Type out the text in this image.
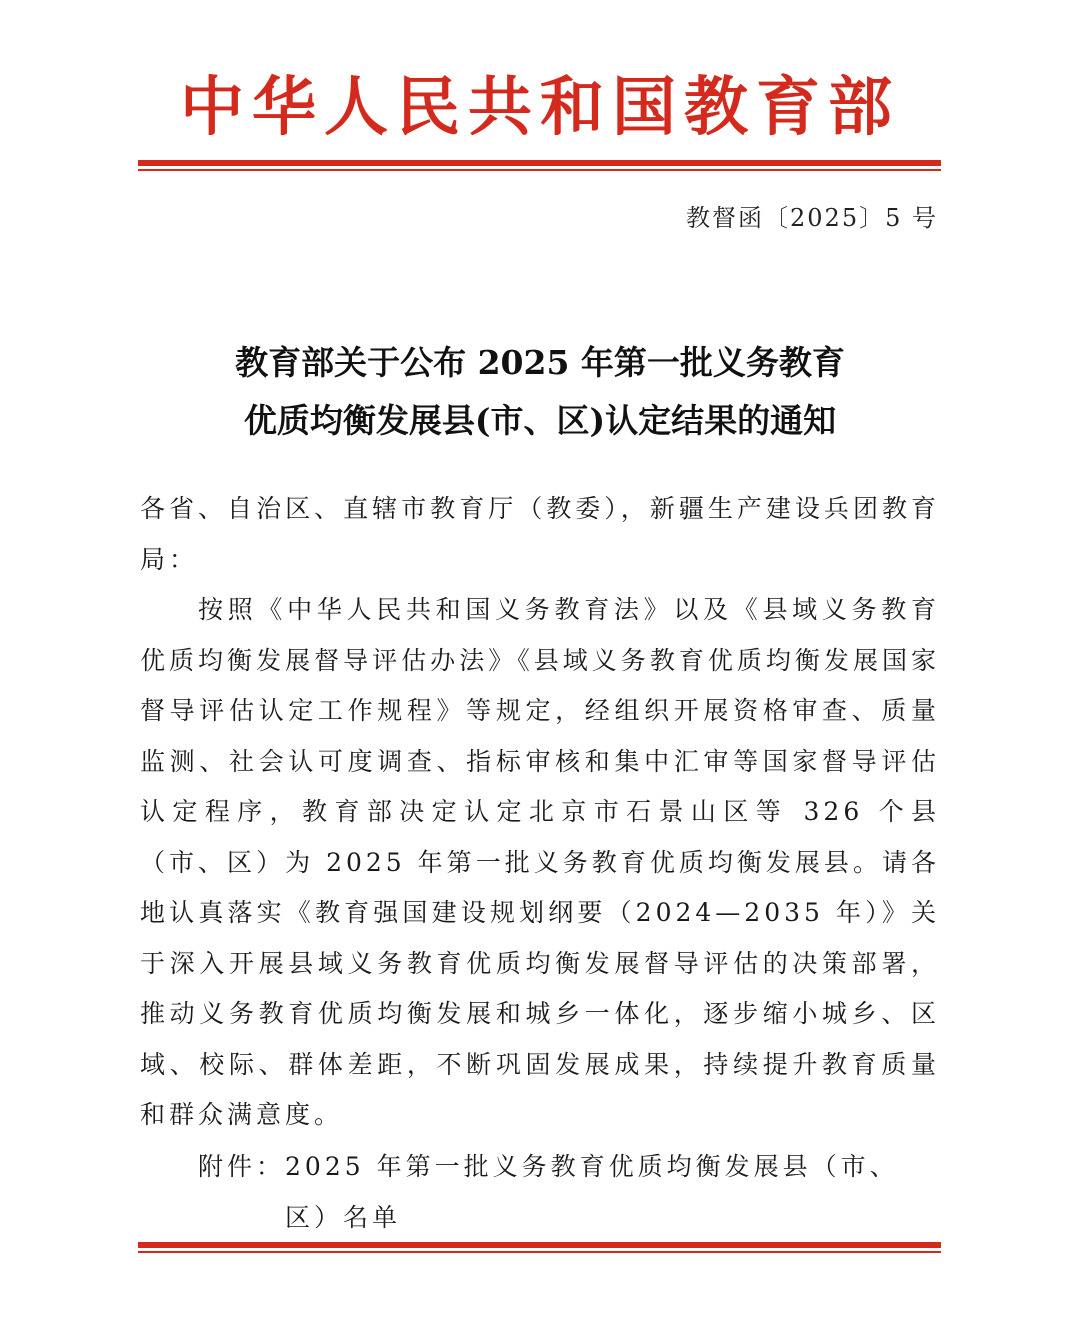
中华人民共和国教育部
教督函〔2025〕5 号
教育部关于公布 2025 年第一批义务教育
优质均衡发展县(市、区)认定结果的通知

各省、自治区、直辖市教育厅（教委），新疆生产建设兵团教育局：

按照《中华人民共和国义务教育法》以及《县域义务教育优质均衡发展督导评估办法》《县域义务教育优质均衡发展国家督导评估认定工作规程》等规定，经组织开展资格审查、质量监测、社会认可度调查、指标审核和集中汇审等国家督导评估认定程序，教育部决定认定北京市石景山区等 326 个县（市、区）为 2025 年第一批义务教育优质均衡发展县。请各地认真落实《教育强国建设规划纲要（2024—2035 年）》关于深入开展县域义务教育优质均衡发展督导评估的决策部署，推动义务教育优质均衡发展和城乡一体化，逐步缩小城乡、区域、校际、群体差距，不断巩固发展成果，持续提升教育质量和群众满意度。

附件： 2025 年第一批义务教育优质均衡发展县（市、区）名单
